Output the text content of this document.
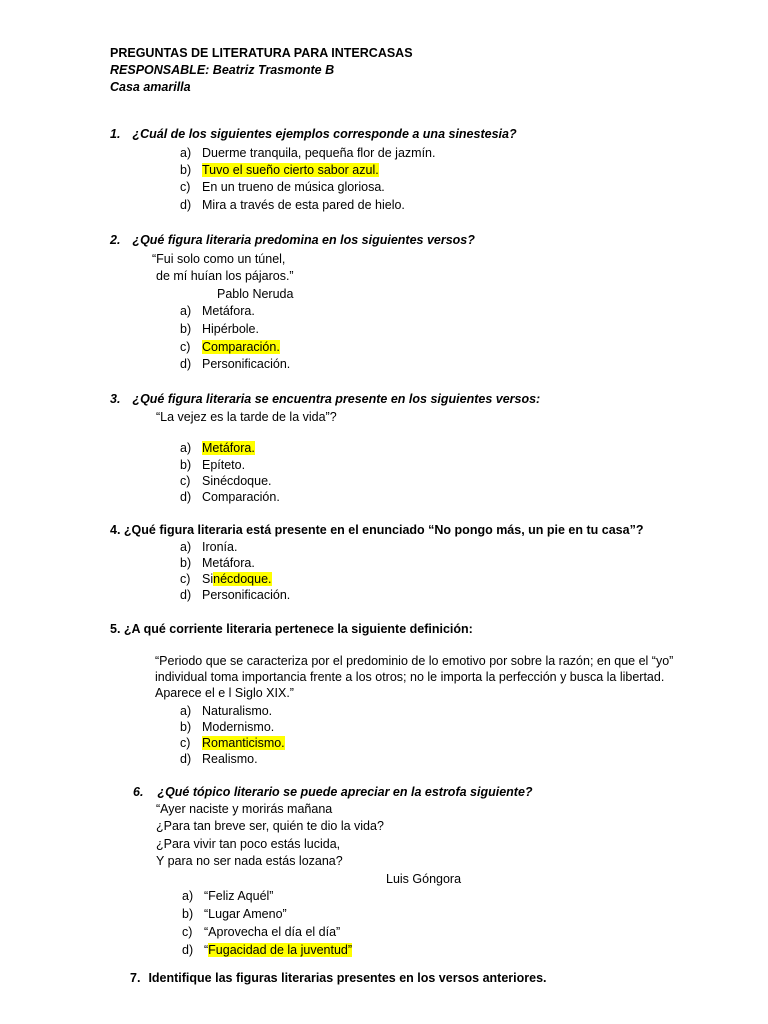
PREGUNTAS DE LITERATURA PARA INTERCASAS
RESPONSABLE: Beatriz Trasmonte B
Casa amarilla
1. ¿Cuál de los siguientes ejemplos corresponde a una sinestesia?
a) Duerme tranquila, pequeña flor de jazmín.
b) Tuvo el sueño cierto sabor azul.
c) En un trueno de música gloriosa.
d) Mira a través de esta pared de hielo.
2. ¿Qué figura literaria predomina en los siguientes versos?
“Fui solo como un túnel,
de mí huían los pájaros.”
Pablo Neruda
a) Metáfora.
b) Hipérbole.
c) Comparación.
d) Personificación.
3. ¿Qué figura literaria se encuentra presente en los siguientes versos:
“La vejez es la tarde de la vida”?
a) Metáfora.
b) Epíteto.
c) Sinécdoque.
d) Comparación.
4. ¿Qué figura literaria está presente en el enunciado “No pongo más, un pie en tu casa”?
a) Ironía.
b) Metáfora.
c) Sinécdoque.
d) Personificación.
5. ¿A qué corriente literaria pertenece la siguiente definición:
“Periodo que se caracteriza por el predominio de lo emotivo por sobre la razón; en que el “yo” individual toma importancia frente a los otros; no le importa la perfección y busca la libertad. Aparece el e l Siglo XIX.”
a) Naturalismo.
b) Modernismo.
c) Romanticismo.
d) Realismo.
6. ¿Qué tópico literario se puede apreciar en la estrofa siguiente?
“Ayer naciste y morirás mañana
¿Para tan breve ser, quién te dio la vida?
¿Para vivir tan poco estás lucida,
Y para no ser nada estás lozana?
Luis Góngora
a) “Feliz Aquél”
b) “Lugar Ameno”
c) “Aprovecha el día el día”
d) “Fugacidad de la juventud”
7. Identifique las figuras literarias presentes en los versos anteriores.
